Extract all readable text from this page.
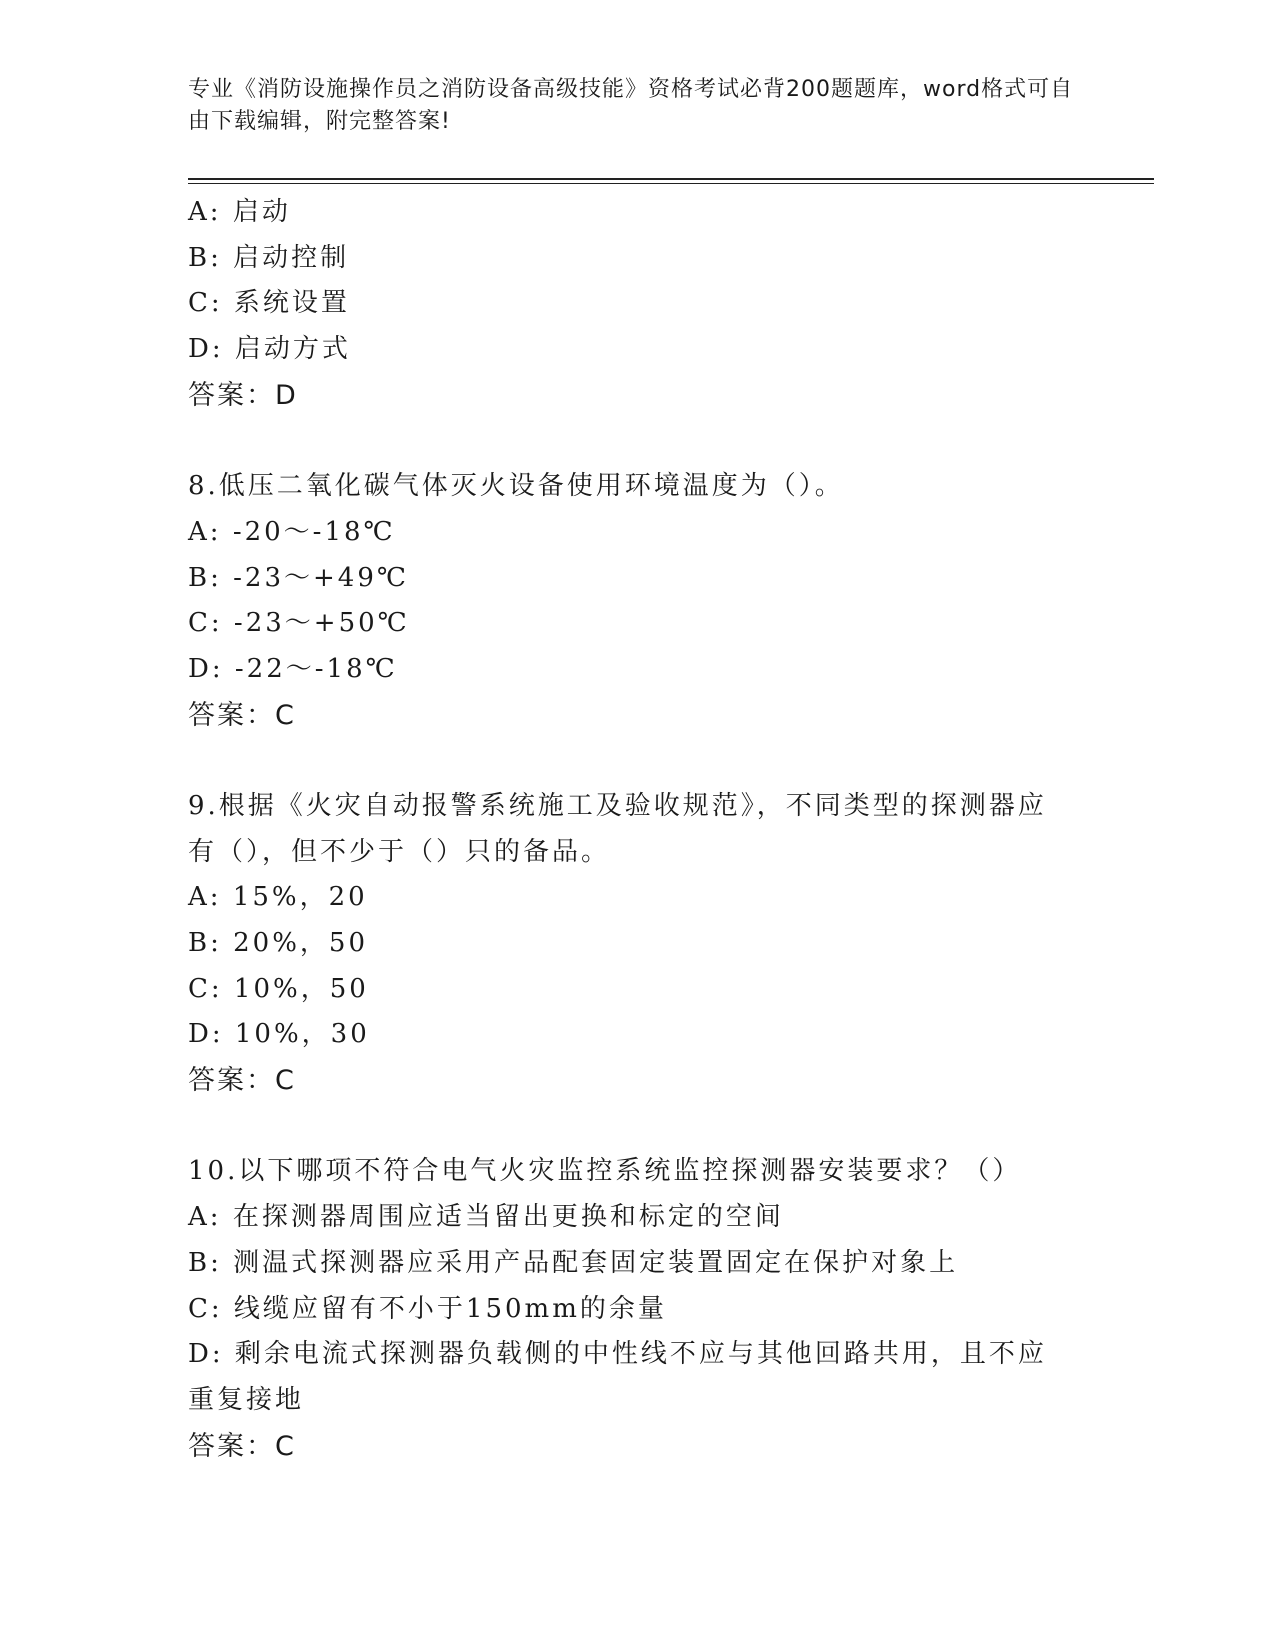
专业《消防设施操作员之消防设备高级技能》资格考试必背200题题库，word格式可自由下载编辑，附完整答案!
A: 启动
B: 启动控制
C: 系统设置
D: 启动方式
答案：D
8.低压二氧化碳气体灭火设备使用环境温度为（）。
A: -20～-18℃
B: -23～+49℃
C: -23～+50℃
D: -22～-18℃
答案：C
9.根据《火灾自动报警系统施工及验收规范》，不同类型的探测器应有（），但不少于（）只的备品。
A: 15%，20
B: 20%，50
C: 10%，50
D: 10%，30
答案：C
10.以下哪项不符合电气火灾监控系统监控探测器安装要求？（）
A: 在探测器周围应适当留出更换和标定的空间
B: 测温式探测器应采用产品配套固定装置固定在保护对象上
C: 线缆应留有不小于150mm的余量
D: 剩余电流式探测器负载侧的中性线不应与其他回路共用，且不应重复接地
答案：C
